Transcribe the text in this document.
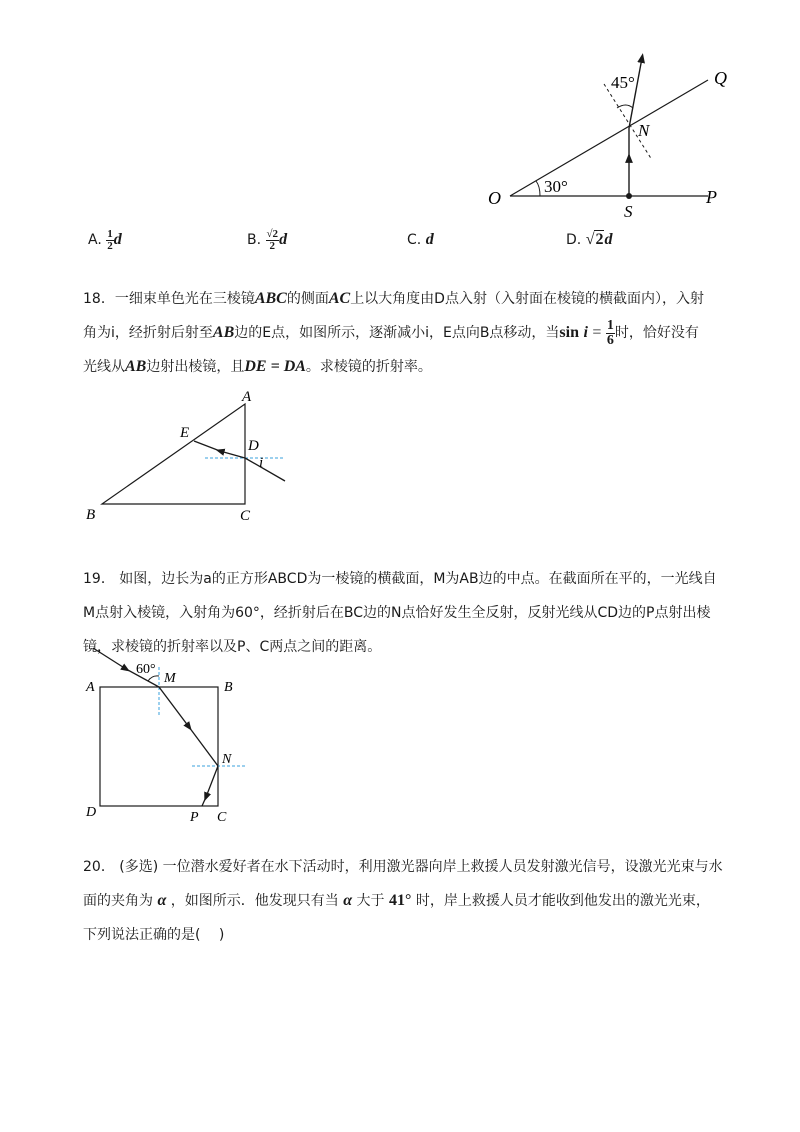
45°
30°
Q
N
O
S
P
A. $\frac{1}{2}$ d	B. $\frac{√2}{2}$ d	C. d	D. √2d
18．一细束单色光在三棱镜ABC的侧面AC上以大角度由D点入射（入射面在棱镜的横截面内），入射
角为i，经折射后射至AB边的E点，如图所示，逐渐减小i，E点向B点移动，当$\sin i = \frac{1}{6}$ 时，恰好没有
光线从AB边射出棱镜，且DE = DA。求棱镜的折射率。
A
B	C
D
E
i
19． 如图，边长为a的正方形ABCD为一棱镜的横截面，M为AB边的中点。在截面所在平的，一光线自
M点射入棱镜，入射角为60°，经折射后在BC边的N点恰好发生全反射，反射光线从CD边的P点射出棱
镜，求棱镜的折射率以及P、C两点之间的距离。
60°
M
A	B
N
D	P C
20． (多选) 一位潜水爱好者在水下活动时，利用激光器向岸上救援人员发射激光信号，设激光光束与水
面的夹角为 α ，如图所示．他发现只有当 α 大于 41° 时，岸上救援人员才能收到他发出的激光光束，
下列说法正确的是(　 )
